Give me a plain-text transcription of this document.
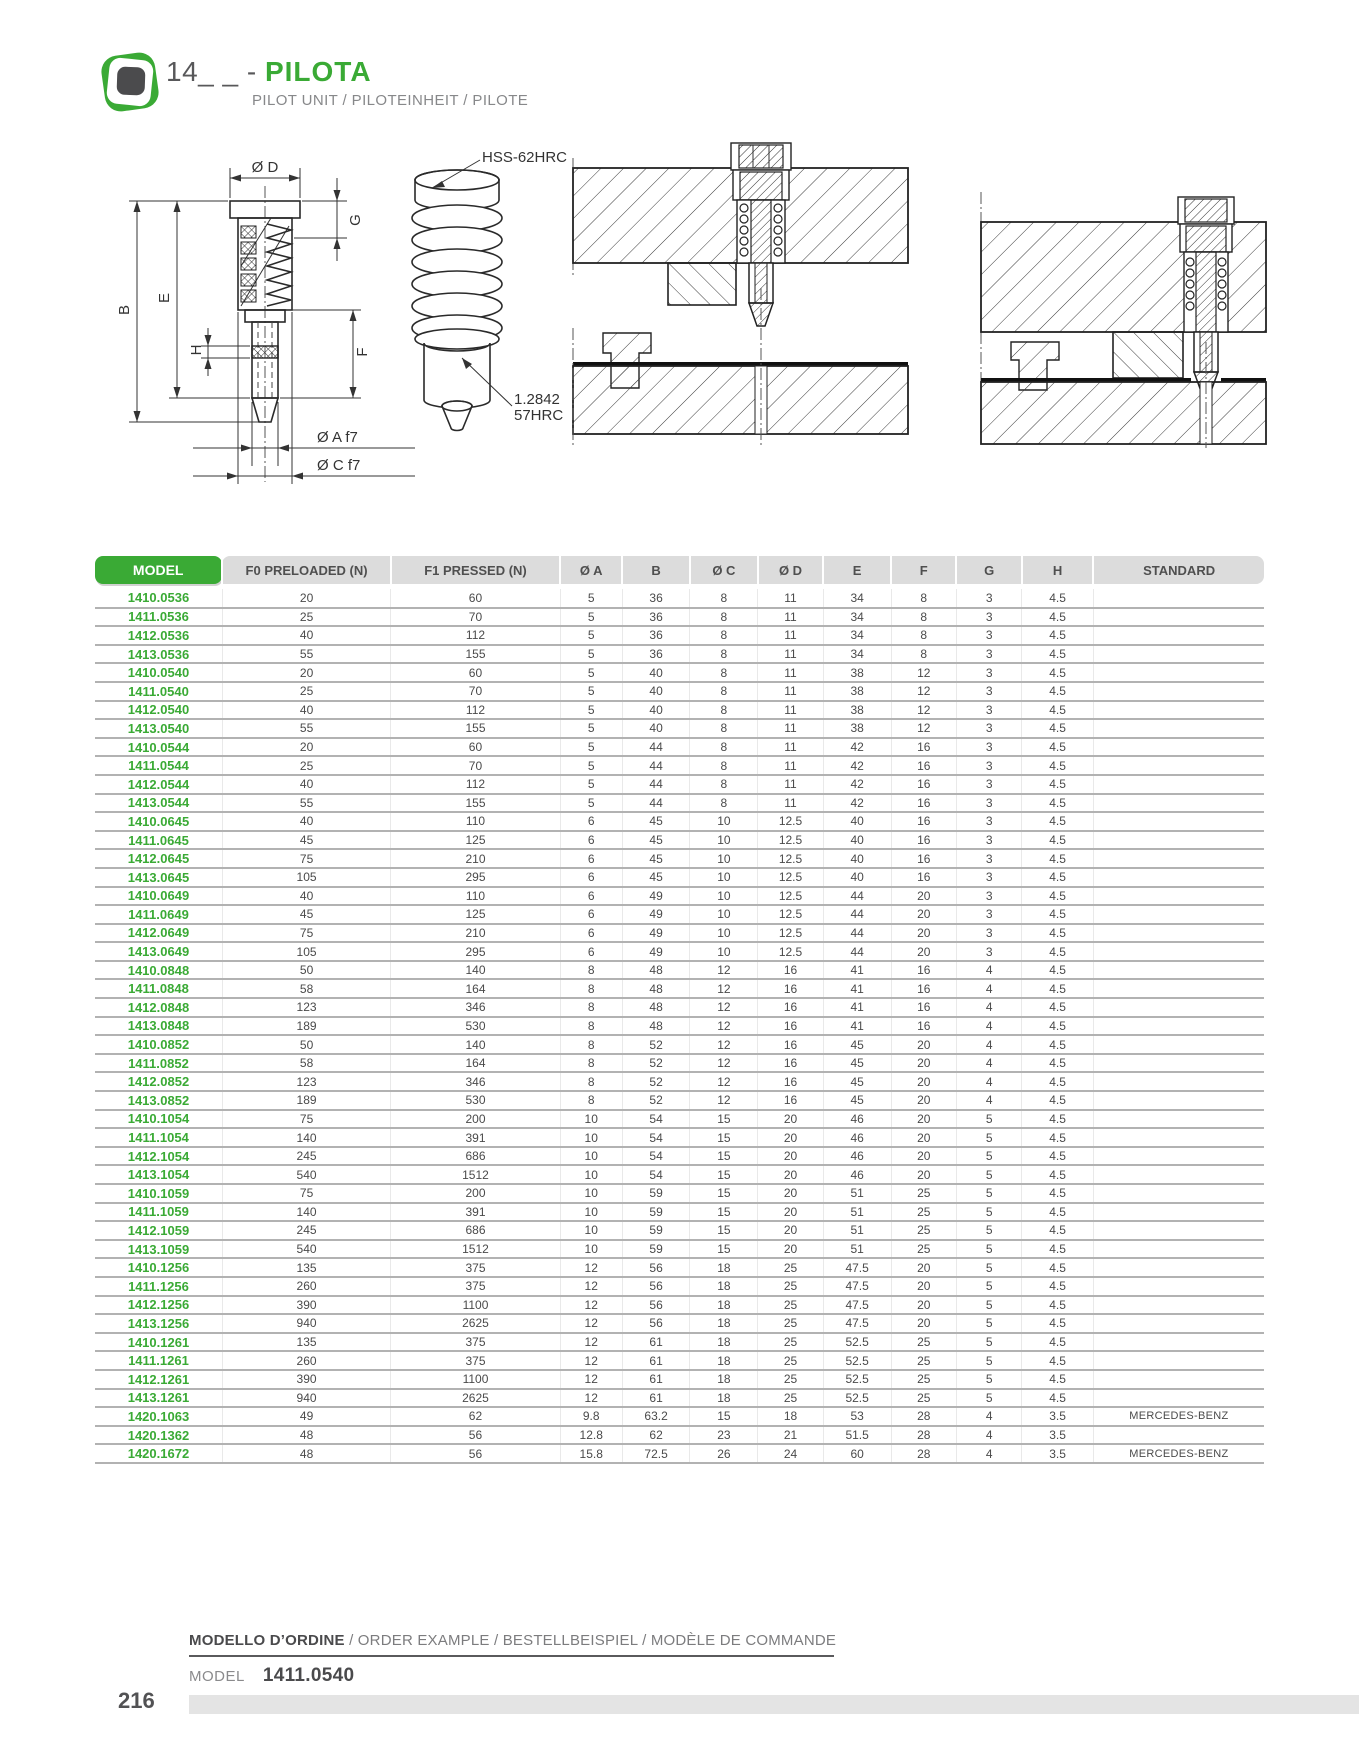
14_ _ - PILOTA
PILOT UNIT / PILOTEINHEIT / PILOTE
Ø D
G
B
E
H	F
Ø A f7
Ø C f7
HSS-62HRC
1.2842
57HRC
MODEL	F0 PRELOADED (N)	F1 PRESSED (N)	Ø A	B	Ø C	Ø D	E	F	G	H	STANDARD
1410.0536	20	60	5	36	8	11	34	8	3	4.5	
1411.0536	25	70	5	36	8	11	34	8	3	4.5	
1412.0536	40	112	5	36	8	11	34	8	3	4.5	
1413.0536	55	155	5	36	8	11	34	8	3	4.5	
1410.0540	20	60	5	40	8	11	38	12	3	4.5	
1411.0540	25	70	5	40	8	11	38	12	3	4.5	
1412.0540	40	112	5	40	8	11	38	12	3	4.5	
1413.0540	55	155	5	40	8	11	38	12	3	4.5	
1410.0544	20	60	5	44	8	11	42	16	3	4.5	
1411.0544	25	70	5	44	8	11	42	16	3	4.5	
1412.0544	40	112	5	44	8	11	42	16	3	4.5	
1413.0544	55	155	5	44	8	11	42	16	3	4.5	
1410.0645	40	110	6	45	10	12.5	40	16	3	4.5	
1411.0645	45	125	6	45	10	12.5	40	16	3	4.5	
1412.0645	75	210	6	45	10	12.5	40	16	3	4.5	
1413.0645	105	295	6	45	10	12.5	40	16	3	4.5	
1410.0649	40	110	6	49	10	12.5	44	20	3	4.5	
1411.0649	45	125	6	49	10	12.5	44	20	3	4.5	
1412.0649	75	210	6	49	10	12.5	44	20	3	4.5	
1413.0649	105	295	6	49	10	12.5	44	20	3	4.5	
1410.0848	50	140	8	48	12	16	41	16	4	4.5	
1411.0848	58	164	8	48	12	16	41	16	4	4.5	
1412.0848	123	346	8	48	12	16	41	16	4	4.5	
1413.0848	189	530	8	48	12	16	41	16	4	4.5	
1410.0852	50	140	8	52	12	16	45	20	4	4.5	
1411.0852	58	164	8	52	12	16	45	20	4	4.5	
1412.0852	123	346	8	52	12	16	45	20	4	4.5	
1413.0852	189	530	8	52	12	16	45	20	4	4.5	
1410.1054	75	200	10	54	15	20	46	20	5	4.5	
1411.1054	140	391	10	54	15	20	46	20	5	4.5	
1412.1054	245	686	10	54	15	20	46	20	5	4.5	
1413.1054	540	1512	10	54	15	20	46	20	5	4.5	
1410.1059	75	200	10	59	15	20	51	25	5	4.5	
1411.1059	140	391	10	59	15	20	51	25	5	4.5	
1412.1059	245	686	10	59	15	20	51	25	5	4.5	
1413.1059	540	1512	10	59	15	20	51	25	5	4.5	
1410.1256	135	375	12	56	18	25	47.5	20	5	4.5	
1411.1256	260	375	12	56	18	25	47.5	20	5	4.5	
1412.1256	390	1100	12	56	18	25	47.5	20	5	4.5	
1413.1256	940	2625	12	56	18	25	47.5	20	5	4.5	
1410.1261	135	375	12	61	18	25	52.5	25	5	4.5	
1411.1261	260	375	12	61	18	25	52.5	25	5	4.5	
1412.1261	390	1100	12	61	18	25	52.5	25	5	4.5	
1413.1261	940	2625	12	61	18	25	52.5	25	5	4.5	
1420.1063	49	62	9.8	63.2	15	18	53	28	4	3.5	MERCEDES-BENZ
1420.1362	48	56	12.8	62	23	21	51.5	28	4	3.5	
1420.1672	48	56	15.8	72.5	26	24	60	28	4	3.5	MERCEDES-BENZ
MODELLO D’ORDINE / ORDER EXAMPLE / BESTELLBEISPIEL / MODÈLE DE COMMANDE
MODEL 1411.0540
216
